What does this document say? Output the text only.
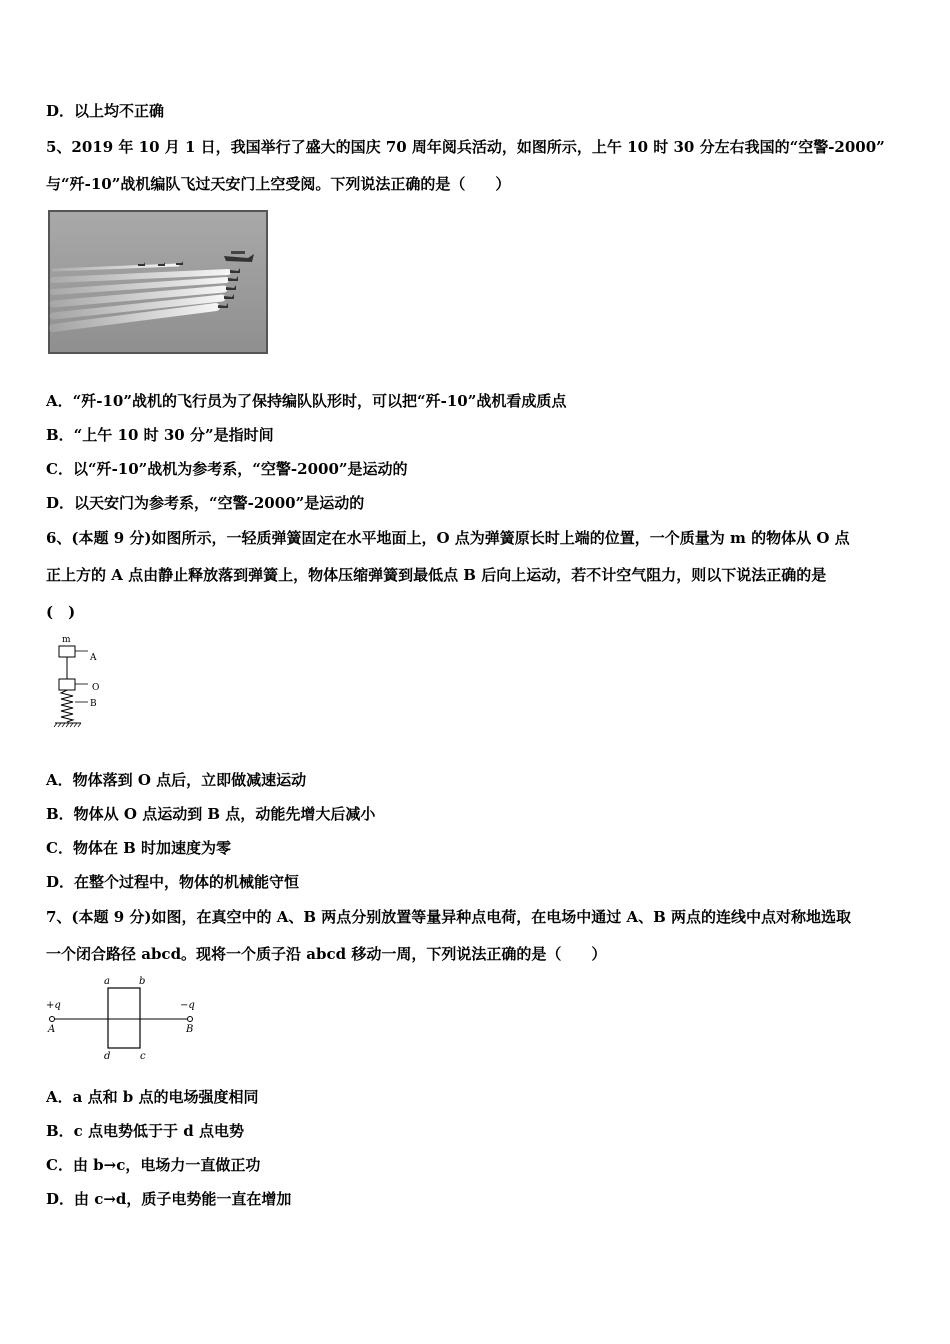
D．以上均不正确
5、2019 年 10 月 1 日，我国举行了盛大的国庆 70 周年阅兵活动，如图所示，上午 10 时 30 分左右我国的“空警-2000”
与“歼-10”战机编队飞过天安门上空受阅。下列说法正确的是（　　）
A．“歼-10”战机的飞行员为了保持编队队形时，可以把“歼-10”战机看成质点
B．“上午 10 时 30 分”是指时间
C．以“歼-10”战机为参考系，“空警-2000”是运动的
D．以天安门为参考系，“空警-2000”是运动的
6、(本题 9 分)如图所示，一轻质弹簧固定在水平地面上，O 点为弹簧原长时上端的位置，一个质量为 m 的物体从 O 点
正上方的 A 点由静止释放落到弹簧上，物体压缩弹簧到最低点 B 后向上运动，若不计空气阻力，则以下说法正确的是
(　)
m
A
O
B
A．物体落到 O 点后，立即做减速运动
B．物体从 O 点运动到 B 点，动能先增大后减小
C．物体在 B 时加速度为零
D．在整个过程中，物体的机械能守恒
7、(本题 9 分)如图，在真空中的 A、B 两点分别放置等量异种点电荷，在电场中通过 A、B 两点的连线中点对称地选取
一个闭合路径 abcd。现将一个质子沿 abcd 移动一周，下列说法正确的是（　　）
+q
A
−q
B
a	b
c
d
A．a 点和 b 点的电场强度相同
B．c 点电势低于于 d 点电势
C．由 b→c，电场力一直做正功
D．由 c→d，质子电势能一直在增加
